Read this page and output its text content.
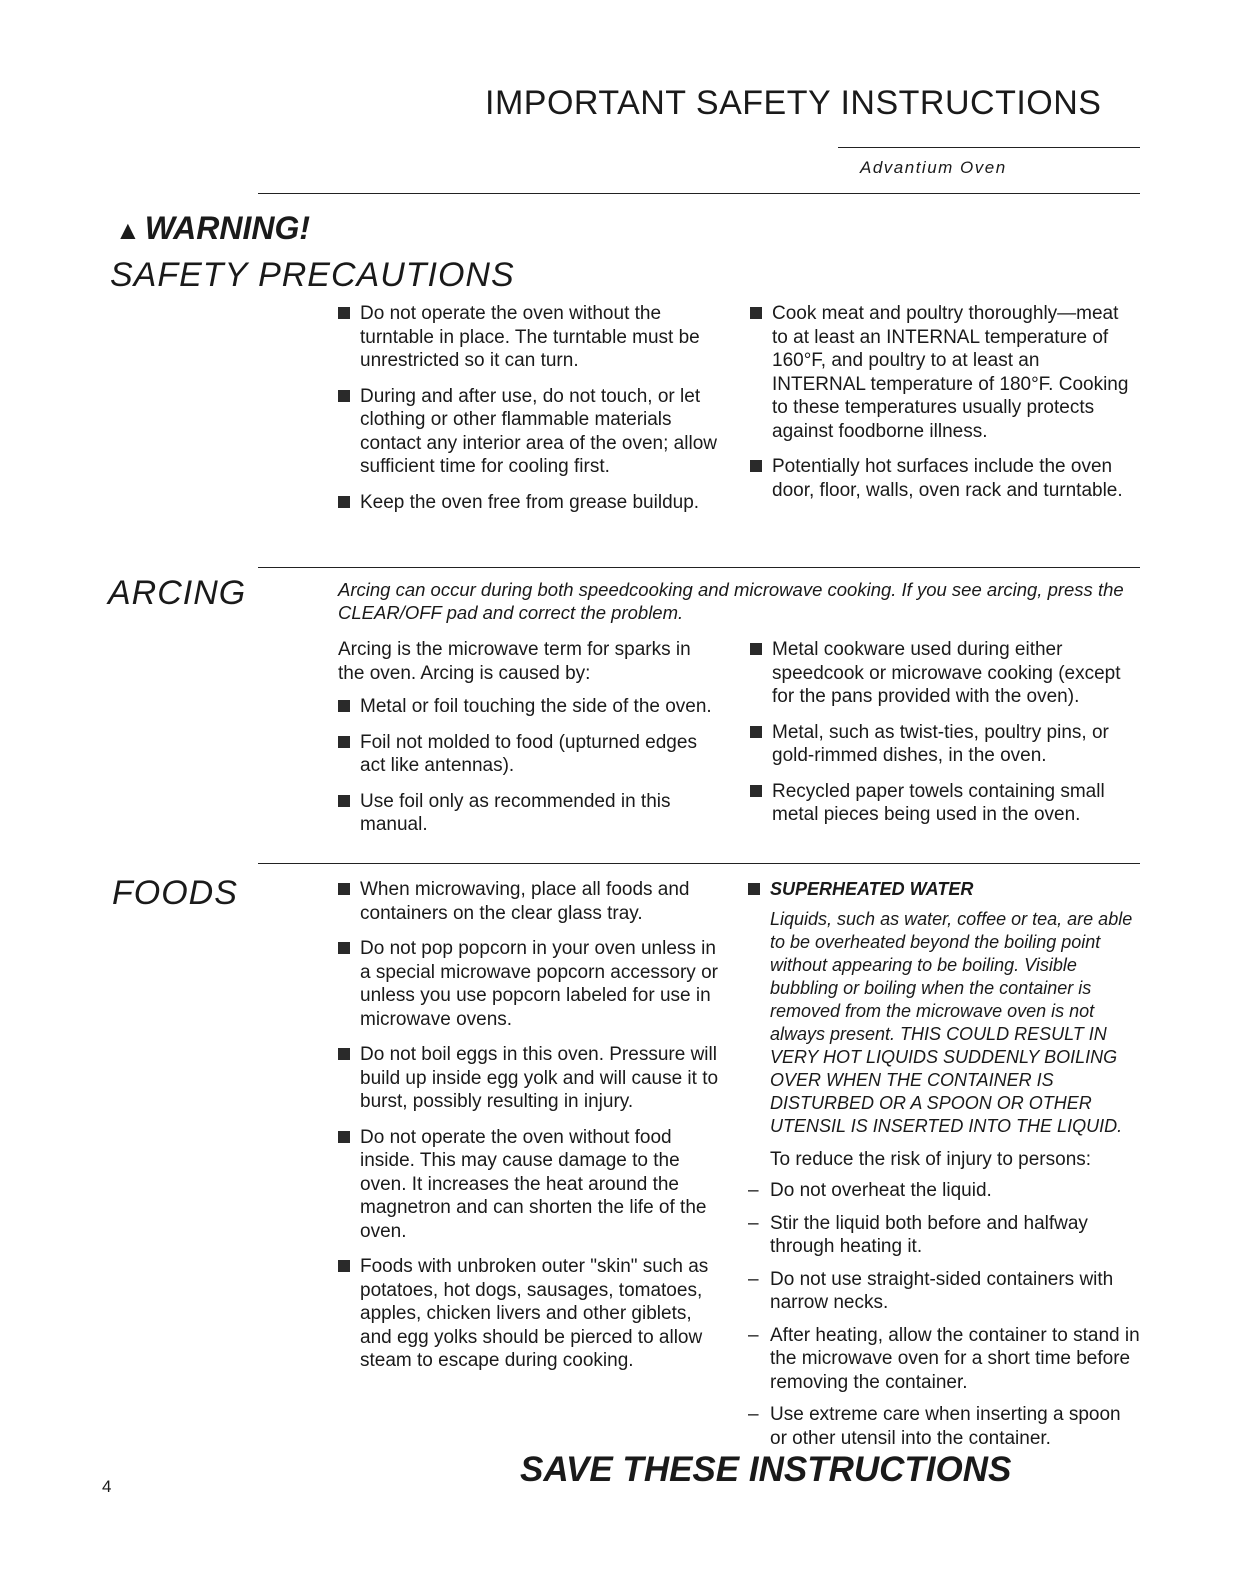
IMPORTANT SAFETY INSTRUCTIONS
Advantium Oven
▲ WARNING!
SAFETY PRECAUTIONS
Do not operate the oven without the turntable in place. The turntable must be unrestricted so it can turn.
During and after use, do not touch, or let clothing or other flammable materials contact any interior area of the oven; allow sufficient time for cooling first.
Keep the oven free from grease buildup.
Cook meat and poultry thoroughly—meat to at least an INTERNAL temperature of 160°F, and poultry to at least an INTERNAL temperature of 180°F. Cooking to these temperatures usually protects against foodborne illness.
Potentially hot surfaces include the oven door, floor, walls, oven rack and turntable.
ARCING	Arcing can occur during both speedcooking and microwave cooking. If you see arcing, press the CLEAR/OFF pad and correct the problem.
Arcing is the microwave term for sparks in the oven. Arcing is caused by:
Metal or foil touching the side of the oven.
Foil not molded to food (upturned edges act like antennas).
Use foil only as recommended in this manual.
Metal cookware used during either speedcook or microwave cooking (except for the pans provided with the oven).
Metal, such as twist-ties, poultry pins, or gold-rimmed dishes, in the oven.
Recycled paper towels containing small metal pieces being used in the oven.
FOODS	When microwaving, place all foods and containers on the clear glass tray.
Do not pop popcorn in your oven unless in a special microwave popcorn accessory or unless you use popcorn labeled for use in microwave ovens.
Do not boil eggs in this oven. Pressure will build up inside egg yolk and will cause it to burst, possibly resulting in injury.
Do not operate the oven without food inside. This may cause damage to the oven. It increases the heat around the magnetron and can shorten the life of the oven.
Foods with unbroken outer "skin" such as potatoes, hot dogs, sausages, tomatoes, apples, chicken livers and other giblets, and egg yolks should be pierced to allow steam to escape during cooking.
SUPERHEATED WATER
Liquids, such as water, coffee or tea, are able to be overheated beyond the boiling point without appearing to be boiling. Visible bubbling or boiling when the container is removed from the microwave oven is not always present. THIS COULD RESULT IN VERY HOT LIQUIDS SUDDENLY BOILING OVER WHEN THE CONTAINER IS DISTURBED OR A SPOON OR OTHER UTENSIL IS INSERTED INTO THE LIQUID.
To reduce the risk of injury to persons:
– Do not overheat the liquid.
– Stir the liquid both before and halfway through heating it.
– Do not use straight-sided containers with narrow necks.
– After heating, allow the container to stand in the microwave oven for a short time before removing the container.
– Use extreme care when inserting a spoon or other utensil into the container.
SAVE THESE INSTRUCTIONS
4
